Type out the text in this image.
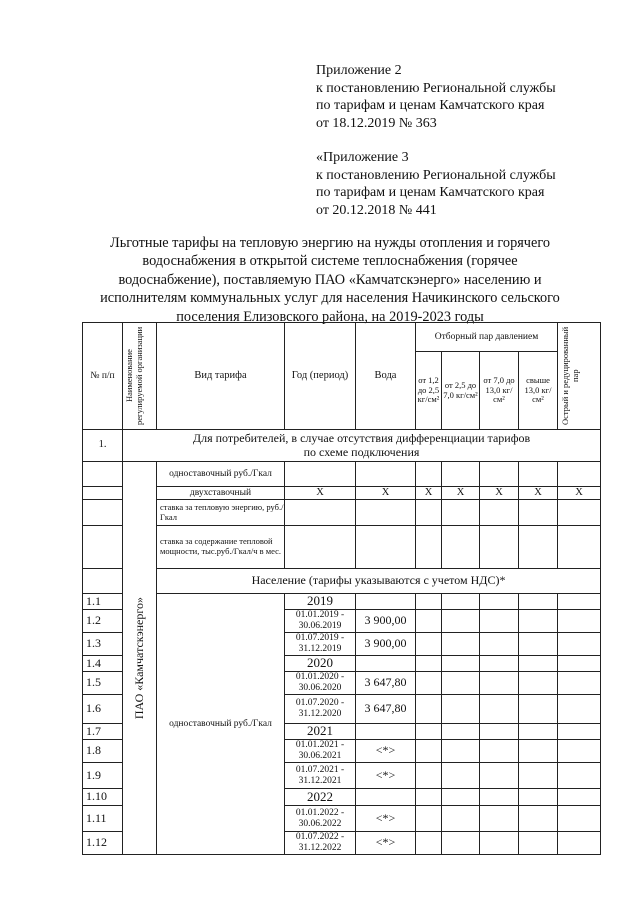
Приложение 2
к постановлению Региональной службы
по тарифам и ценам Камчатского края
от 18.12.2019 № 363
«Приложение 3
к постановлению Региональной службы
по тарифам и ценам Камчатского края
от 20.12.2018 № 441
Льготные тарифы на тепловую энергию на нужды отопления и горячего
водоснабжения в открытой системе теплоснабжения (горячее
водоснабжение), поставляемую ПАО «Камчатскэнерго» населению и
исполнителям коммунальных услуг для населения Начикинского сельского
поселения Елизовского района, на 2019-2023 годы
№ п/п	Наименование регулируемой организации	Вид тарифа	Год (период)	Вода	Отборный пар давлением				Острый и редуцированный пар

					от 1,2 до 2,5 кг/см²	от 2,5 до 7,0 кг/см²	от 7,0 до 13,0 кг/см²	свыше 13,0 кг/см²	
1.	Для потребителей, в случае отсутствия дифференциации тарифов
по схеме подключения								

	ПАО «Камчатскэнерго»	одноставочный руб./Гкал							
		двухставочный	X	X	X	X	X	X	X
		ставка за тепловую энергию, руб./Гкал							
		ставка за содержание тепловой мощности, тыс.руб./Гкал/ч в мес.							
		Население (тарифы указываются с учетом НДС)*							
1.1		одноставочный руб./Гкал	2019						
1.2			01.01.2019 - 30.06.2019	3 900,00					
1.3			01.07.2019 - 31.12.2019	3 900,00					
1.4			2020						
1.5			01.01.2020 - 30.06.2020	3 647,80					
1.6			01.07.2020 - 31.12.2020	3 647,80					
1.7			2021						
1.8			01.01.2021 - 30.06.2021	<*>					
1.9			01.07.2021 - 31.12.2021	<*>					
1.10			2022						
1.11			01.01.2022 - 30.06.2022	<*>					
1.12			01.07.2022 - 31.12.2022	<*>					
